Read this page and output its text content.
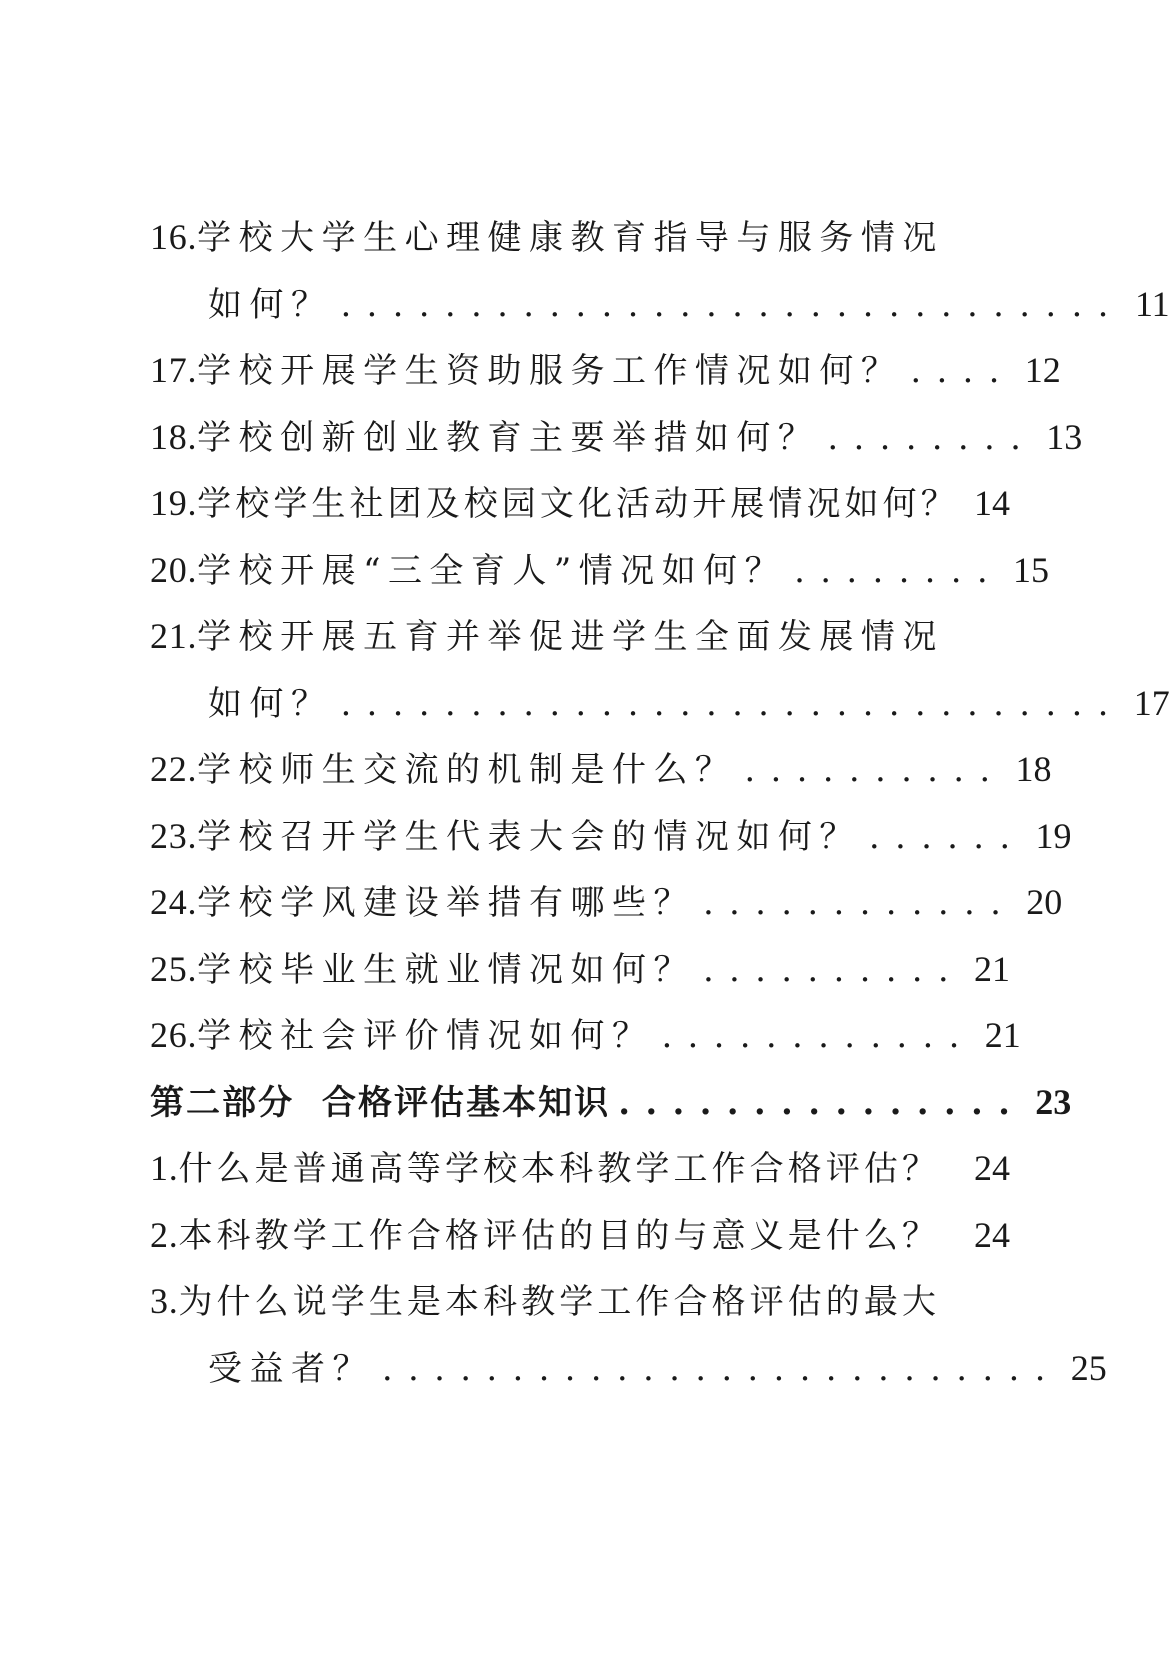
16. 学校大学生心理健康教育指导与服务情况
如何？ .............................. 11
17. 学校开展学生资助服务工作情况如何？ .... 12
18. 学校创新创业教育主要举措如何？ ........ 13
19. 学校学生社团及校园文化活动开展情况如何？ 14
20. 学校开展“三全育人”情况如何？ ........ 15
21. 学校开展五育并举促进学生全面发展情况
如何？ .............................. 17
22. 学校师生交流的机制是什么？ .......... 18
23. 学校召开学生代表大会的情况如何？ ...... 19
24. 学校学风建设举措有哪些？ ............ 20
25. 学校毕业生就业情况如何？ .......... 21
26. 学校社会评价情况如何？ ............ 21
第二部分  合格评估基本知识 ............... 23
1. 什么是普通高等学校本科教学工作合格评估？ 24
2. 本科教学工作合格评估的目的与意义是什么？ 24
3. 为什么说学生是本科教学工作合格评估的最大
受益者？ .......................... 25
